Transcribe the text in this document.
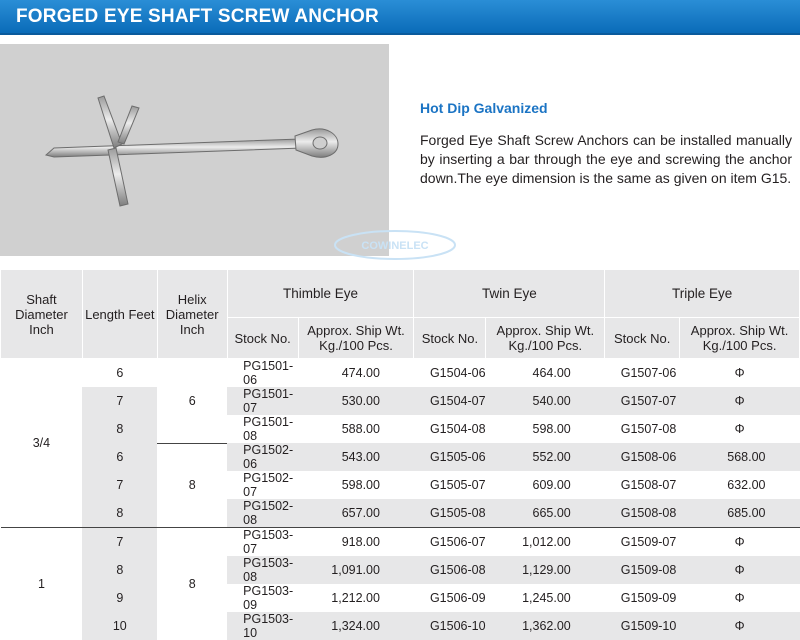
FORGED EYE SHAFT SCREW ANCHOR
COWINELEC
Hot Dip Galvanized
Forged Eye Shaft Screw Anchors can be installed manually by inserting a bar through the eye and screwing the anchor down.The eye dimension is the same as given on item G15.
Shaft Diameter Inch	Length Feet	Helix Diameter Inch	Thimble Eye		Twin Eye		Triple Eye	
			Stock No.	Approx. Ship Wt. Kg./100 Pcs.	Stock No.	Approx. Ship Wt. Kg./100 Pcs.	Stock No.	Approx. Ship Wt. Kg./100 Pcs.
3/4	6	6	PG1501-06	474.00	G1504-06	464.00	G1507-06	Φ
	7		PG1501-07	530.00	G1504-07	540.00	G1507-07	Φ
	8		PG1501-08	588.00	G1504-08	598.00	G1507-08	Φ
	6	8	PG1502-06	543.00	G1505-06	552.00	G1508-06	568.00
	7		PG1502-07	598.00	G1505-07	609.00	G1508-07	632.00
	8		PG1502-08	657.00	G1505-08	665.00	G1508-08	685.00
1	7	8	PG1503-07	918.00	G1506-07	1,012.00	G1509-07	Φ
	8		PG1503-08	1,091.00	G1506-08	1,129.00	G1509-08	Φ
	9		PG1503-09	1,212.00	G1506-09	1,245.00	G1509-09	Φ
	10		PG1503-10	1,324.00	G1506-10	1,362.00	G1509-10	Φ
